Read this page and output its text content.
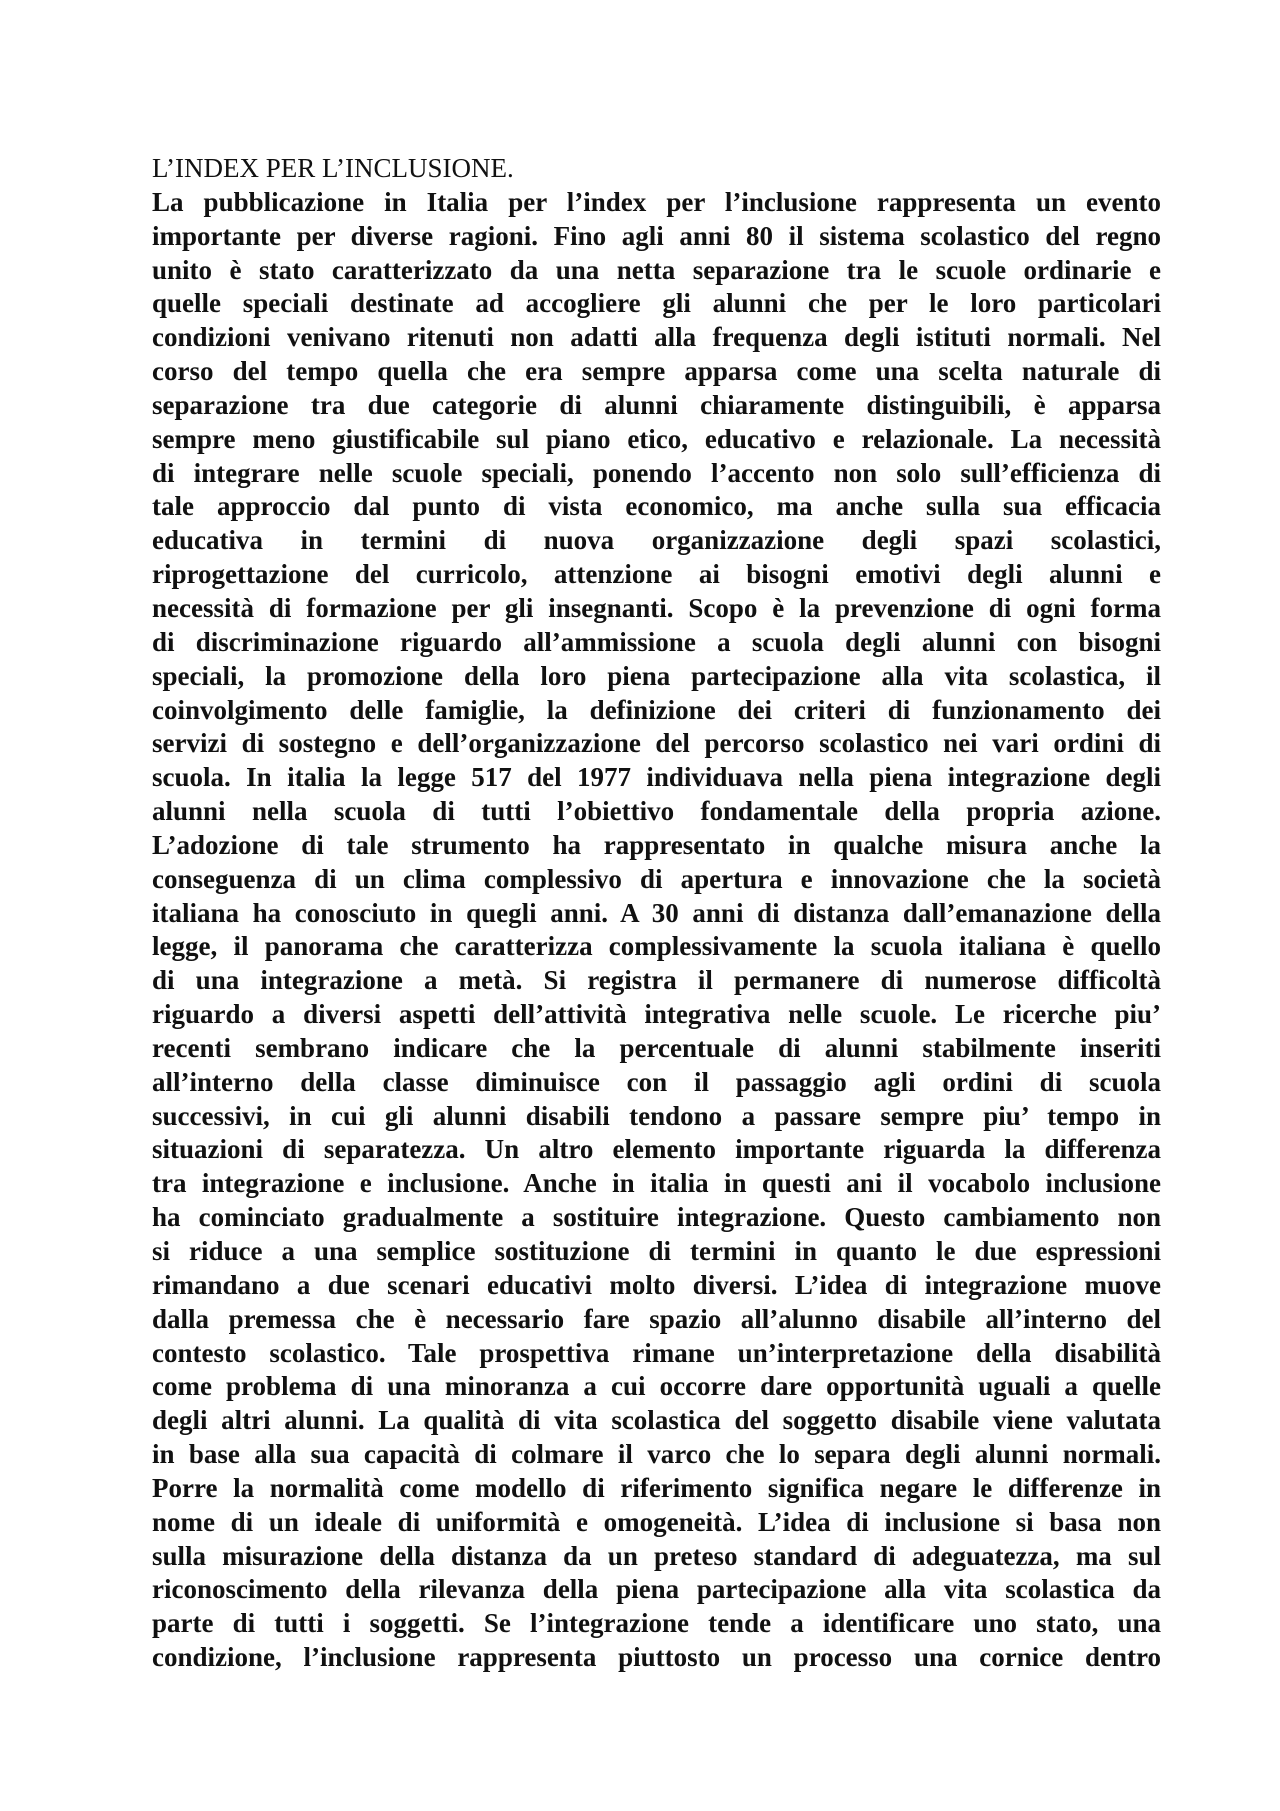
L’INDEX PER L’INCLUSIONE.

La pubblicazione in Italia per l’index per l’inclusione rappresenta un evento

importante per diverse ragioni. Fino agli anni 80 il sistema scolastico del regno

unito è stato caratterizzato da una netta separazione tra le scuole ordinarie e

quelle speciali destinate ad accogliere gli alunni che per le loro particolari

condizioni venivano ritenuti non adatti alla frequenza degli istituti normali. Nel

corso del tempo quella che era sempre apparsa come una scelta naturale di

separazione tra due categorie di alunni chiaramente distinguibili, è apparsa

sempre meno giustificabile sul piano etico, educativo e relazionale. La necessità

di integrare nelle scuole speciali, ponendo l’accento non solo sull’efficienza di

tale approccio dal punto di vista economico, ma anche sulla sua efficacia

educativa in termini di nuova organizzazione degli spazi scolastici,

riprogettazione del curricolo, attenzione ai bisogni emotivi degli alunni e

necessità di formazione per gli insegnanti. Scopo è la prevenzione di ogni forma

di discriminazione riguardo all’ammissione a scuola degli alunni con bisogni

speciali, la promozione della loro piena partecipazione alla vita scolastica, il

coinvolgimento delle famiglie, la definizione dei criteri di funzionamento dei

servizi di sostegno e dell’organizzazione del percorso scolastico nei vari ordini di

scuola. In italia la legge 517 del 1977 individuava nella piena integrazione degli

alunni nella scuola di tutti l’obiettivo fondamentale della propria azione.

L’adozione di tale strumento ha rappresentato in qualche misura anche la

conseguenza di un clima complessivo di apertura e innovazione che la società

italiana ha conosciuto in quegli anni. A 30 anni di distanza dall’emanazione della

legge, il panorama che caratterizza complessivamente la scuola italiana è quello

di una integrazione a metà. Si registra il permanere di numerose difficoltà

riguardo a diversi aspetti dell’attività integrativa nelle scuole. Le ricerche piu’

recenti sembrano indicare che la percentuale di alunni stabilmente inseriti

all’interno della classe diminuisce con il passaggio agli ordini di scuola

successivi, in cui gli alunni disabili tendono a passare sempre piu’ tempo in

situazioni di separatezza. Un altro elemento importante riguarda la differenza

tra integrazione e inclusione. Anche in italia in questi ani il vocabolo inclusione

ha cominciato gradualmente a sostituire integrazione. Questo cambiamento non

si riduce a una semplice sostituzione di termini in quanto le due espressioni

rimandano a due scenari educativi molto diversi. L’idea di integrazione muove

dalla premessa che è necessario fare spazio all’alunno disabile all’interno del

contesto scolastico. Tale prospettiva rimane un’interpretazione della disabilità

come problema di una minoranza a cui occorre dare opportunità uguali a quelle

degli altri alunni. La qualità di vita scolastica del soggetto disabile viene valutata

in base alla sua capacità di colmare il varco che lo separa degli alunni normali.

Porre la normalità come modello di riferimento significa negare le differenze in

nome di un ideale di uniformità e omogeneità. L’idea di inclusione si basa non

sulla misurazione della distanza da un preteso standard di adeguatezza, ma sul

riconoscimento della rilevanza della piena partecipazione alla vita scolastica da

parte di tutti i soggetti. Se l’integrazione tende a identificare uno stato, una

condizione, l’inclusione rappresenta piuttosto un processo una cornice dentro
